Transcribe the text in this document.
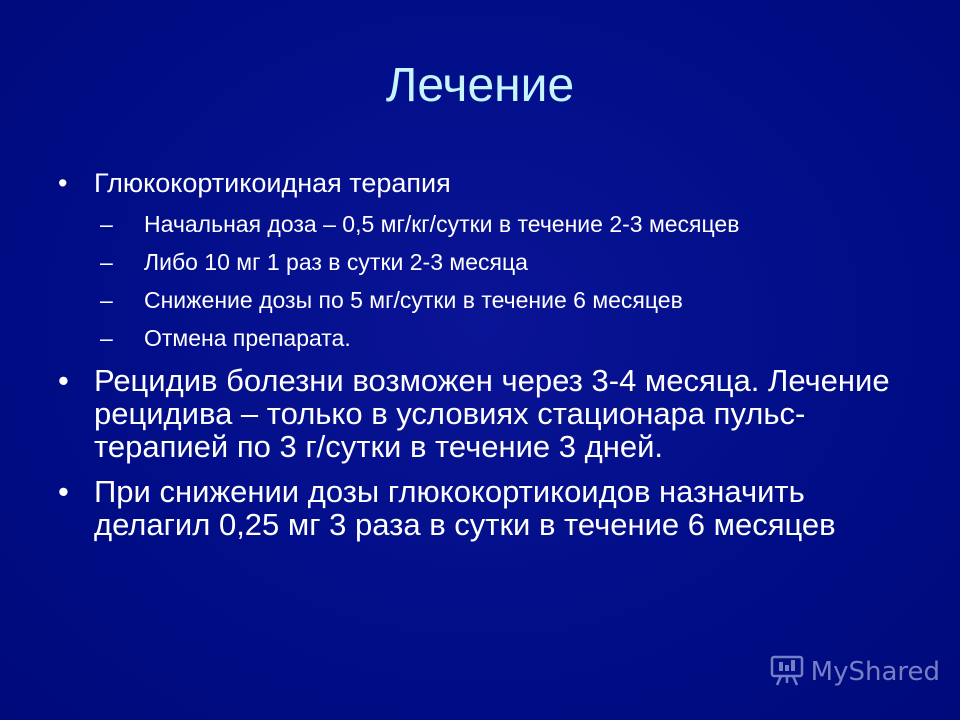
Лечение
• Глюкокортикоидная терапия
– Начальная доза – 0,5 мг/кг/сутки в течение 2-3 месяцев
– Либо 10 мг 1 раз в сутки 2-3 месяца
– Снижение дозы по 5 мг/сутки в течение 6 месяцев
– Отмена препарата.
• Рецидив болезни возможен через 3-4 месяца. Лечение рецидива – только в условиях стационара пульс-терапией по 3 г/сутки в течение 3 дней.
• При снижении дозы глюкокортикоидов назначить делагил 0,25 мг 3 раза в сутки в течение 6 месяцев
MyShared
